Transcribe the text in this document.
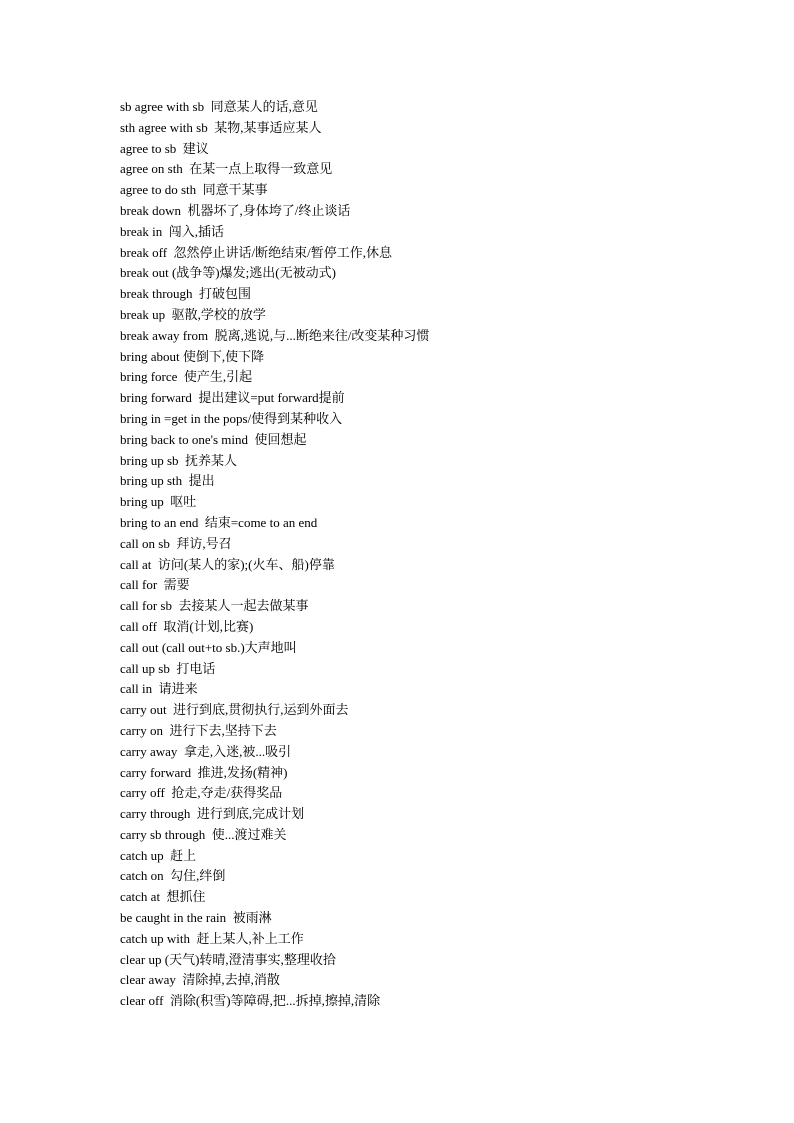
sb agree with sb  同意某人的话,意见
sth agree with sb  某物,某事适应某人
agree to sb  建议
agree on sth  在某一点上取得一致意见
agree to do sth  同意干某事
break down  机器坏了,身体垮了/终止谈话
break in  闯入,插话
break off  忽然停止讲话/断绝结束/暂停工作,休息
break out (战争等)爆发;逃出(无被动式)
break through  打破包围
break up  驱散,学校的放学
break away from  脱离,逃说,与...断绝来往/改变某种习惯
bring about 使倒下,使下降
bring force  使产生,引起
bring forward  提出建议=put forward提前
bring in =get in the pops/使得到某种收入
bring back to one's mind  使回想起
bring up sb  抚养某人
bring up sth  提出
bring up  呕吐
bring to an end  结束=come to an end
call on sb  拜访,号召
call at  访问(某人的家);(火车、船)停靠
call for  需要
call for sb  去接某人一起去做某事
call off  取消(计划,比赛)
call out (call out+to sb.)大声地叫
call up sb  打电话
call in  请进来
carry out  进行到底,贯彻执行,运到外面去
carry on  进行下去,坚持下去
carry away  拿走,入迷,被...吸引
carry forward  推进,发扬(精神)
carry off  抢走,夺走/获得奖品
carry through  进行到底,完成计划
carry sb through  使...渡过难关
catch up  赶上
catch on  勾住,绊倒
catch at  想抓住
be caught in the rain  被雨淋
catch up with  赶上某人,补上工作
clear up (天气)转晴,澄清事实,整理收拾
clear away  清除掉,去掉,消散
clear off  消除(积雪)等障碍,把...拆掉,擦掉,清除
